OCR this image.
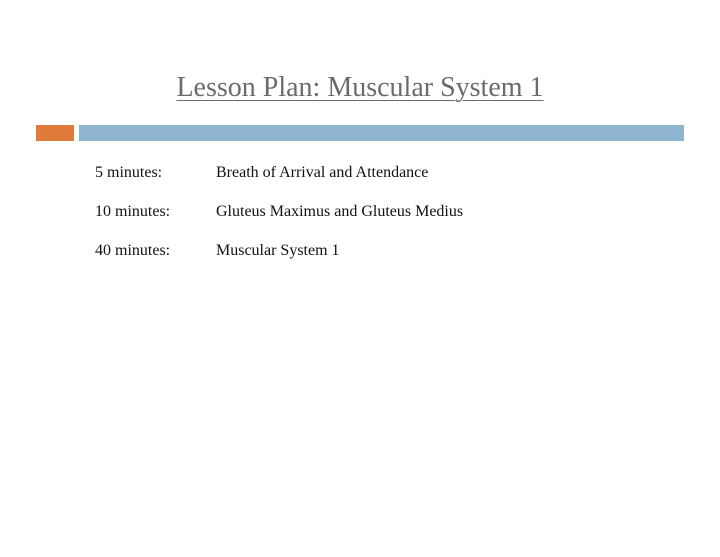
Lesson Plan: Muscular System 1
5 minutes:	Breath of Arrival and Attendance
10 minutes:	Gluteus Maximus and Gluteus Medius
40 minutes:	Muscular System 1
